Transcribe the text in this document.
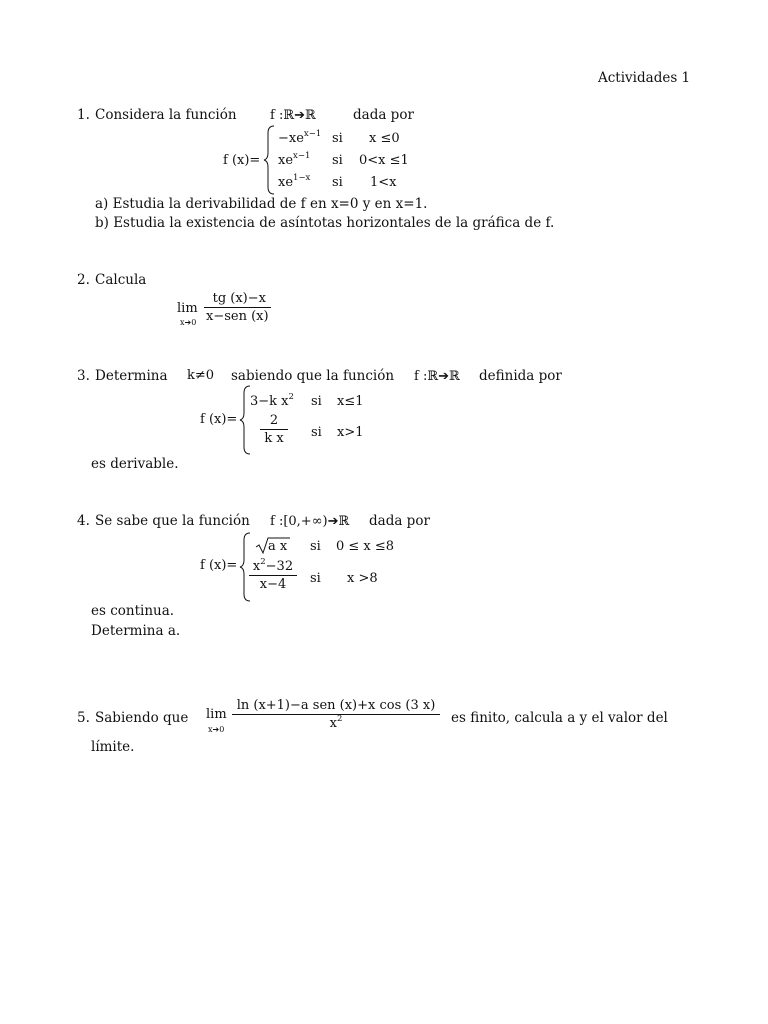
Actividades 1
1. Considera la función	f :ℝ➔ℝ	dada por
f (x)=
$-xe^{x-1}$ si x ≤0
$xe^{x-1}$ si 0<x ≤1
$xe^{1-x}$ si 1<x
a) Estudia la derivabilidad de f en x=0 y en x=1.
b) Estudia la existencia de asíntotas horizontales de la gráfica de f.
2. Calcula
lim
x➔0
tg (x)−x
x−sen (x)
3. Determina k≠0 sabiendo que la función f :ℝ➔ℝ definida por
f (x)=
3−k $x^2$ si x≤1
2
k x	si x>1
es derivable.
4. Se sabe que la función f :[0,+∞)➔ℝ dada por
f (x)=
a x si 0 ≤ x ≤8
$x^2-32$
x−4	si x >8
es continua.
Determina a.
5. Sabiendo que lim
x➔0
ln (x+1)−a sen (x)+x cos (3 x)
$x^2$	es finito, calcula a y el valor del
límite.
